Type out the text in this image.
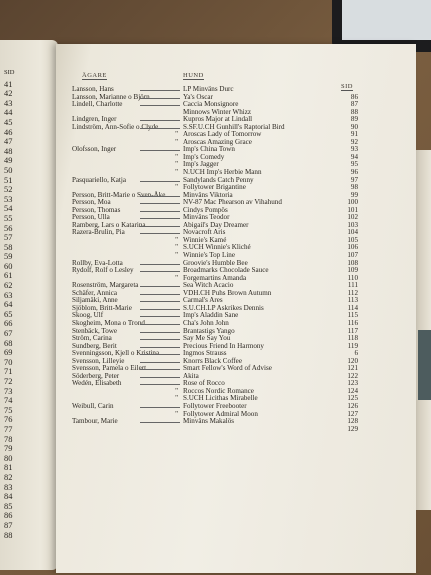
SID
41
42
43
44
45
46
47
48
49
50
51
52
53
54
55
56
57
58
59
60
61
62
63
64
65
66
67
68
69
70
71
72
73
74
75
76
77
78
79
80
81
82
83
84
85
86
87
88
ÄGARE	HUND
SID
Lansson, Hans	LP Minväns Durc
Lansson, Marianne o Björn	Ya's Oscar	86
Lindell, Charlotte	Caccia Monsignore	87
Minnows Winter Whizz	88
Lindgren, Inger	Kupros Major at Lindall	89
Lindström, Ann-Sofie o Clyde	S.SF.U.CH Gunhill's Raptorial Bird	90
" Aroscas Lady of Tomorrow	91
" Aroscas Amazing Grace	92
Olofsson, Inger	Imp's China Town	93
" Imp's Comedy	94
" Imp's Jagger	95
" N.UCH Imp's Herbie Mann	96
Pasquariello, Katja	Sandylands Catch Penny	97
" Follytower Brigantine	98
Persson, Britt-Marie o Sven-Åke	Minväns Viktoria	99
Persson, Moa	NV-87 Mac Phearson av Vihahund	100
Persson, Thomas	Cindys Pompös	101
Persson, Ulla	Minväns Teodor	102
Ramberg, Lars o Katarina	Abigail's Day Dreamer	103
Razera-Brulin, Pia	Novacroft Aris	104
" Winnie's Kamé	105
" S.UCH Winnie's Kliché	106
" Winnie's Top Line	107
Rollby, Eva-Lotta	Groovie's Humble Bee	108
Rydolf, Rolf o Lesley	Broadmarks Chocolade Sauce	109
" Forgemartins Amanda	110
Rosenström, Margareta	Sea Witch Acacio	111
Schäfer, Annica	VDH.CH Puhs Brown Autumn	112
Siljamäki, Anne	Carmal's Ares	113
Sjöblom, Britt-Marie	S.U.CH.LP Askrikes Dennis	114
Skoog, Ulf	Imp's Aladdin Sane	115
Skogheim, Mona o Trond	Cha's John John	116
Stenbäck, Towe	Brantastigs Yango	117
Ström, Carina	Say Me Say You	118
Sundberg, Berit	Precious Friend In Harmony	119
Svenningsson, Kjell o Kristina	Ingmos Strauss	6
Svensson, Lilleyie	Knorrs Black Coffee	120
Svensson, Pamela o Eilert	Smart Fellow's Word of Advise	121
Söderberg, Peter	Akita	122
Wedén, Elisabeth	Rose of Rocco	123
" Roccos Nordic Romance	124
" S.UCH Licithas Mirabelle	125
Weibull, Carin	Follytower Freebooter	126
" Follytower Admiral Moon	127
Tambour, Marie	Minväns Makalös	128
129
